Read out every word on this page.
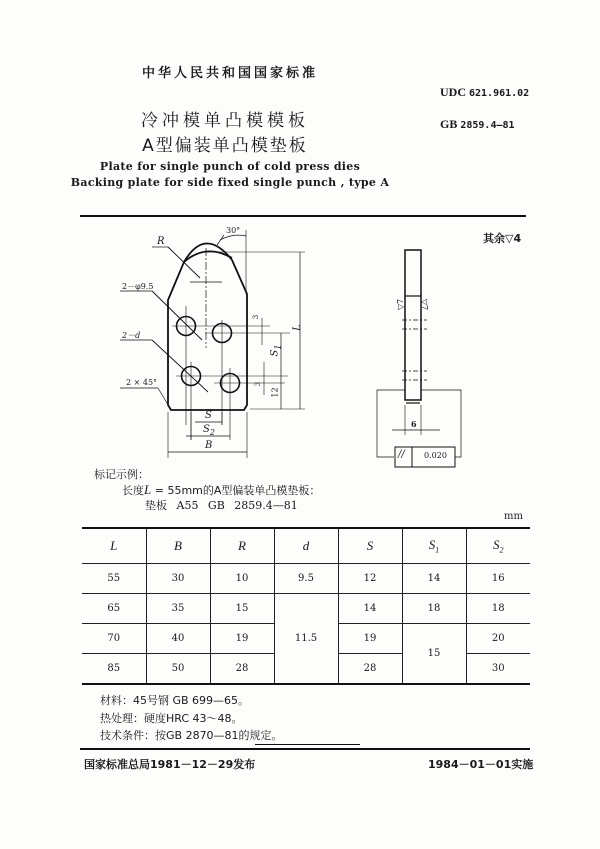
中华人民共和国国家标准
UDC 621.961.02
GB 2859.4—81
冷冲模单凸模模板
A型偏装单凸模垫板
Plate for single punch of cold press dies
Backing plate for side fixed single punch , type A
其余▽4
R
30°
2－φ9.5
2－d
2 × 45°
L
$S_1$
3
3
12
S
$S_2$
B
▽7 ▽7
6
// 0.020
标记示例：
长度L = 55mm的A型偏装单凸模垫板：
垫板 A55 GB 2859.4—81
mm
L	B	R	d	S	$S_1$	$S_2$
55	30	10	9.5	12	14	16
65	35	15	11.5	14	18	18
70	40	19		19	15	20
85	50	28		28		30
材料：45号钢 GB 699—65。
热处理：硬度HRC 43～48。
技术条件：按GB 2870—81的规定。
国家标准总局1981－12－29发布	1984－01－01实施
